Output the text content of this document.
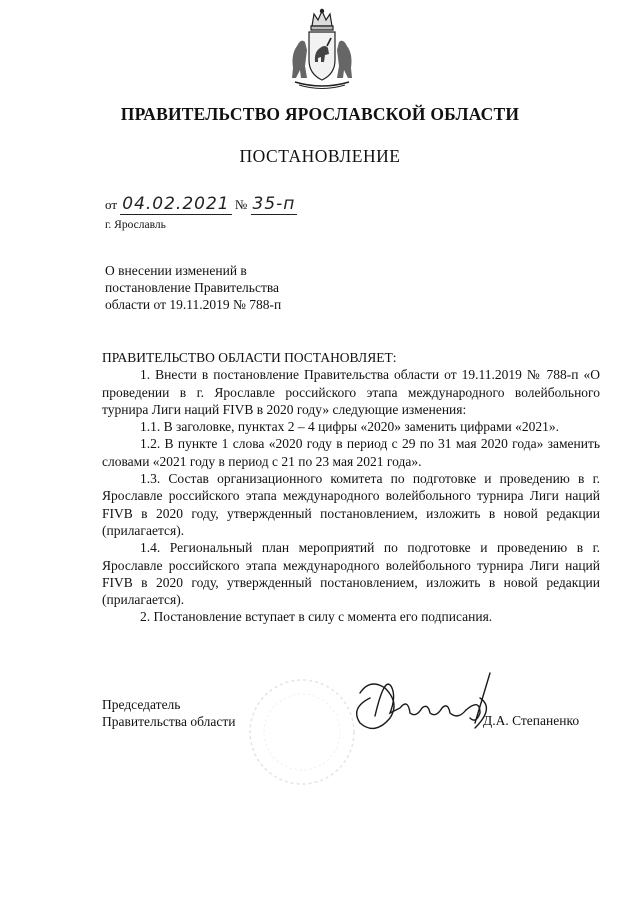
ПРАВИТЕЛЬСТВО ЯРОСЛАВСКОЙ ОБЛАСТИ
ПОСТАНОВЛЕНИЕ
от 04.02.2021 № 35-п
г. Ярославль
О внесении изменений в
постановление Правительства
области от 19.11.2019 № 788-п

ПРАВИТЕЛЬСТВО ОБЛАСТИ ПОСТАНОВЛЯЕТ:

1. Внести в постановление Правительства области от 19.11.2019 № 788-п «О проведении в г. Ярославле российского этапа международного волейбольного турнира Лиги наций FIVB в 2020 году» следующие изменения:

1.1. В заголовке, пунктах 2 – 4 цифры «2020» заменить цифрами «2021».

1.2. В пункте 1 слова «2020 году в период с 29 по 31 мая 2020 года» заменить словами «2021 году в период с 21 по 23 мая 2021 года».

1.3. Состав организационного комитета по подготовке и проведению в г. Ярославле российского этапа международного волейбольного турнира Лиги наций FIVB в 2020 году, утвержденный постановлением, изложить в новой редакции (прилагается).

1.4. Региональный план мероприятий по подготовке и проведению в г. Ярославле российского этапа международного волейбольного турнира Лиги наций FIVB в 2020 году, утвержденный постановлением, изложить в новой редакции (прилагается).

2. Постановление вступает в силу с момента его подписания.

Председатель
Правительства области	Д.А. Степаненко
